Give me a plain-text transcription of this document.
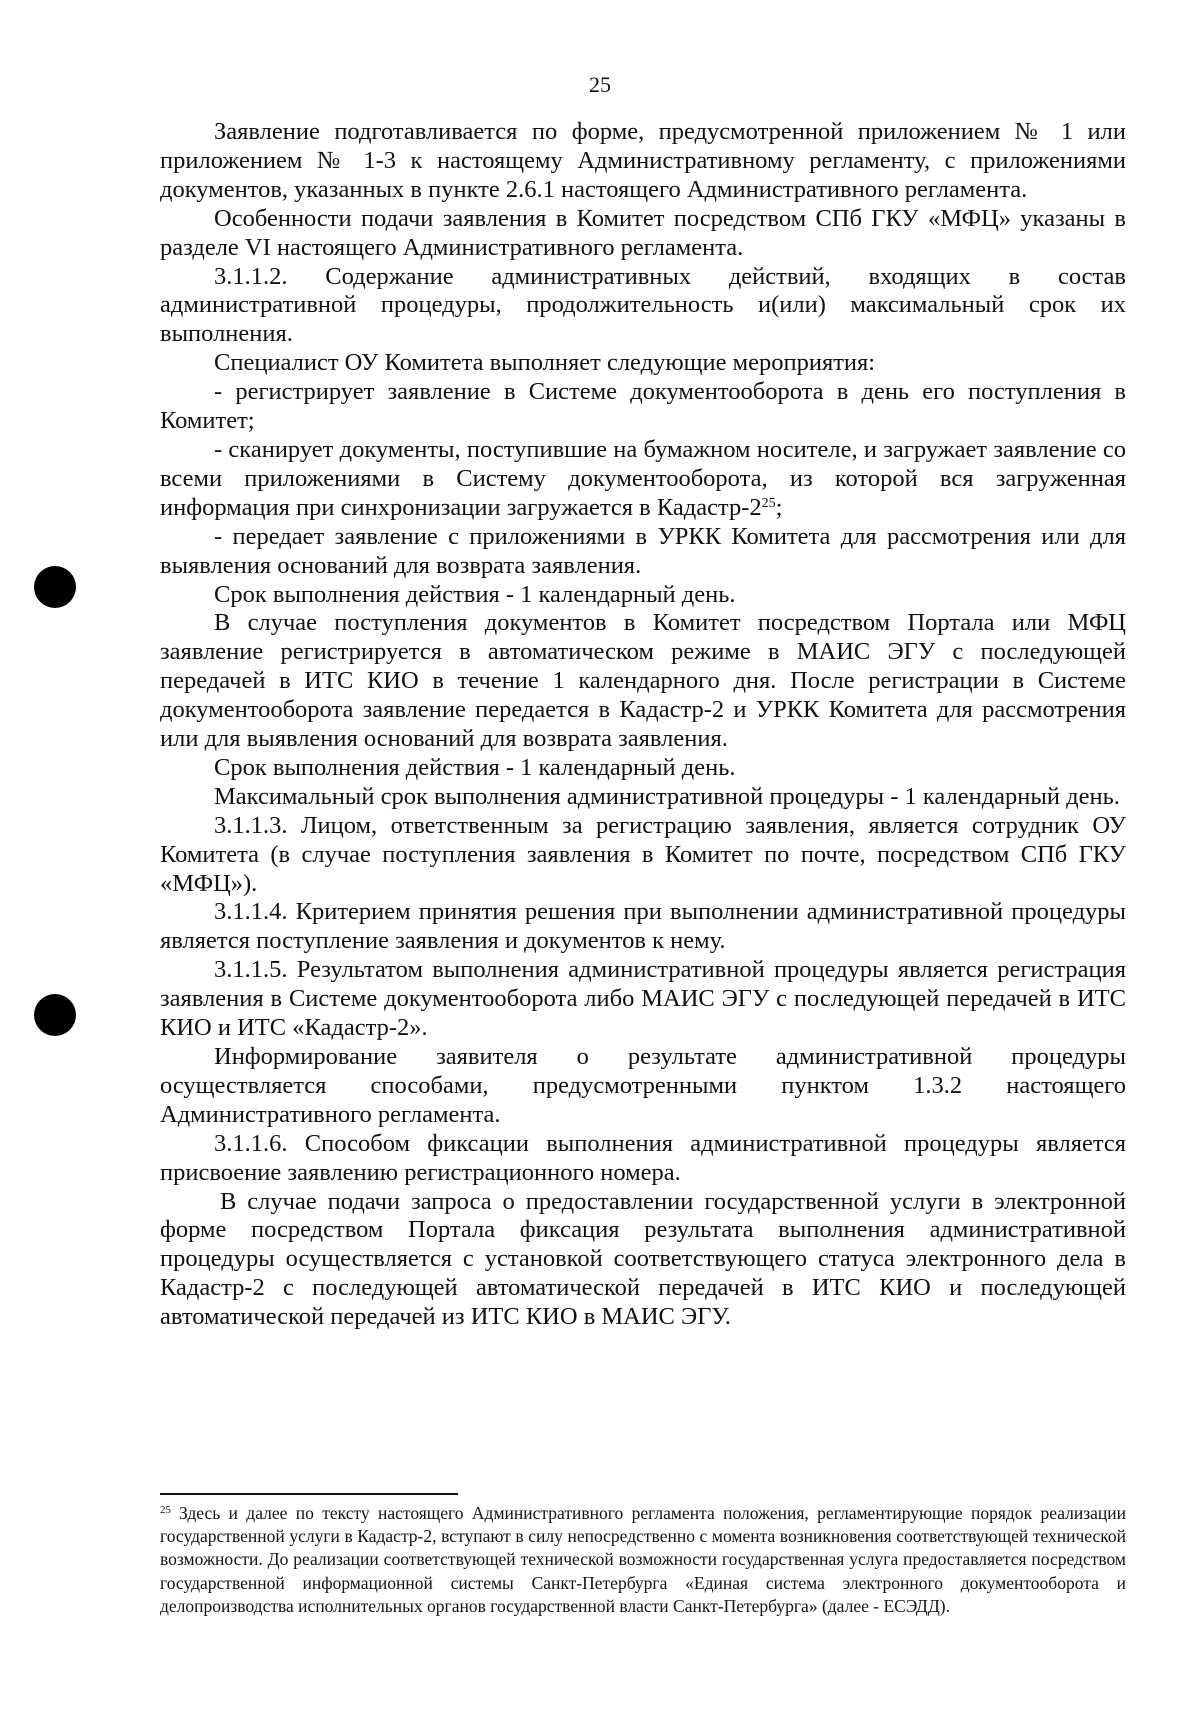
25

Заявление подготавливается по форме, предусмотренной приложением № 1 или приложением № 1-3 к настоящему Административному регламенту, с приложениями документов, указанных в пункте 2.6.1 настоящего Административного регламента.

Особенности подачи заявления в Комитет посредством СПб ГКУ «МФЦ» указаны в разделе VI настоящего Административного регламента.

3.1.1.2. Содержание административных действий, входящих в состав административной процедуры, продолжительность и(или) максимальный срок их выполнения.

Специалист ОУ Комитета выполняет следующие мероприятия:

- регистрирует заявление в Системе документооборота в день его поступления в Комитет;

- сканирует документы, поступившие на бумажном носителе, и загружает заявление со всеми приложениями в Систему документооборота, из которой вся загруженная информация при синхронизации загружается в Кадастр-$2^{25}$;

- передает заявление с приложениями в УРКК Комитета для рассмотрения или для выявления оснований для возврата заявления.

Срок выполнения действия - 1 календарный день.

В случае поступления документов в Комитет посредством Портала или МФЦ заявление регистрируется в автоматическом режиме в МАИС ЭГУ с последующей передачей в ИТС КИО в течение 1 календарного дня. После регистрации в Системе документооборота заявление передается в Кадастр-2 и УРКК Комитета для рассмотрения или для выявления оснований для возврата заявления.

Срок выполнения действия - 1 календарный день.

Максимальный срок выполнения административной процедуры - 1 календарный день.

3.1.1.3. Лицом, ответственным за регистрацию заявления, является сотрудник ОУ Комитета (в случае поступления заявления в Комитет по почте, посредством СПб ГКУ «МФЦ»).

3.1.1.4. Критерием принятия решения при выполнении административной процедуры является поступление заявления и документов к нему.

3.1.1.5. Результатом выполнения административной процедуры является регистрация заявления в Системе документооборота либо МАИС ЭГУ с последующей передачей в ИТС КИО и ИТС «Кадастр-2».

Информирование заявителя о результате административной процедуры осуществляется способами, предусмотренными пунктом 1.3.2 настоящего Административного регламента.

3.1.1.6. Способом фиксации выполнения административной процедуры является присвоение заявлению регистрационного номера.

В случае подачи запроса о предоставлении государственной услуги в электронной форме посредством Портала фиксация результата выполнения административной процедуры осуществляется с установкой соответствующего статуса электронного дела в Кадастр-2 с последующей автоматической передачей в ИТС КИО и последующей автоматической передачей из ИТС КИО в МАИС ЭГУ.

$^{25}$ Здесь и далее по тексту настоящего Административного регламента положения, регламентирующие порядок реализации государственной услуги в Кадастр-2, вступают в силу непосредственно с момента возникновения соответствующей технической возможности. До реализации соответствующей технической возможности государственная услуга предоставляется посредством государственной информационной системы Санкт-Петербурга «Единая система электронного документооборота и делопроизводства исполнительных органов государственной власти Санкт-Петербурга» (далее - ЕСЭДД).
